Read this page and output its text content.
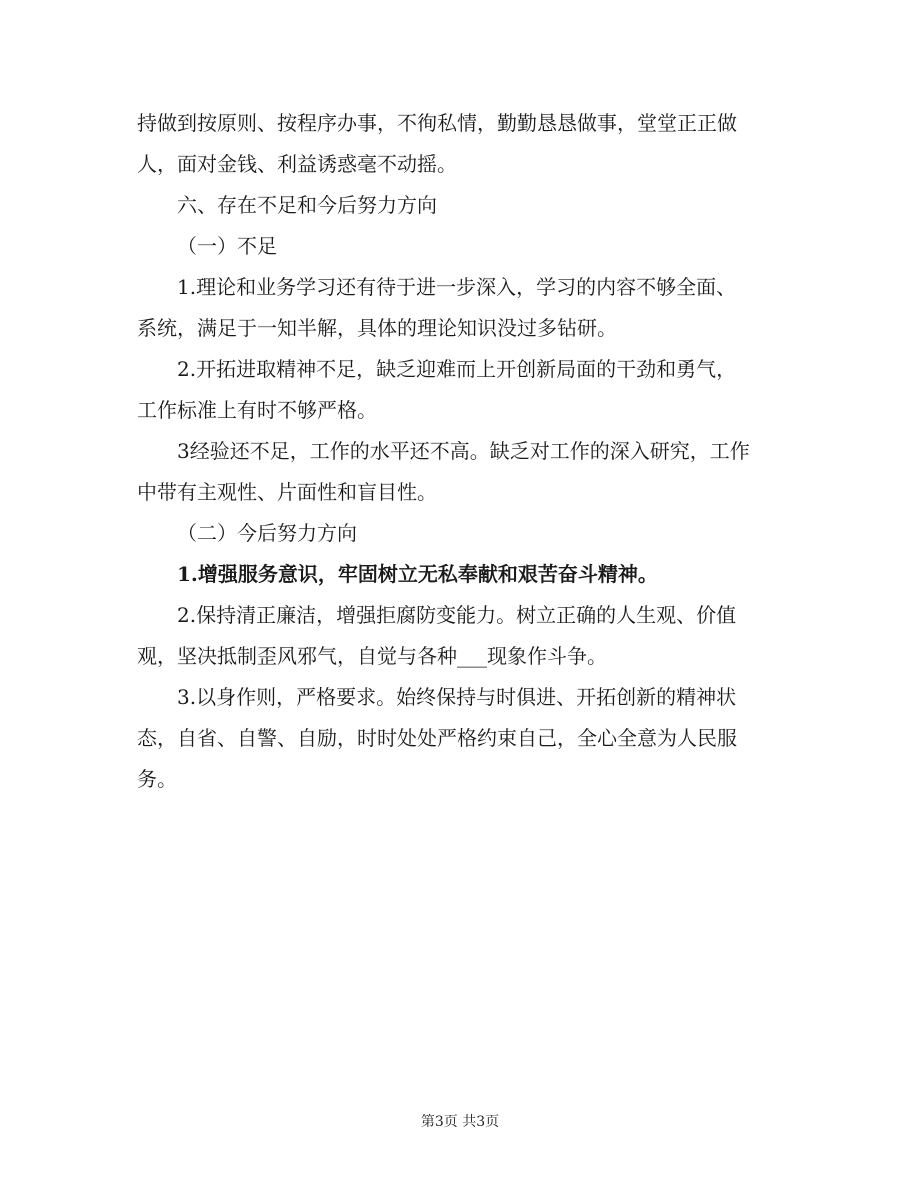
持做到按原则、按程序办事，不徇私情，勤勤恳恳做事，堂堂正正做
人，面对金钱、利益诱惑毫不动摇。
六、存在不足和今后努力方向
（一）不足
1.理论和业务学习还有待于进一步深入，学习的内容不够全面、
系统，满足于一知半解，具体的理论知识没过多钻研。
2.开拓进取精神不足，缺乏迎难而上开创新局面的干劲和勇气，
工作标准上有时不够严格。
3经验还不足，工作的水平还不高。缺乏对工作的深入研究，工作
中带有主观性、片面性和盲目性。
（二）今后努力方向
1.增强服务意识，牢固树立无私奉献和艰苦奋斗精神。
2.保持清正廉洁，增强拒腐防变能力。树立正确的人生观、价值
观，坚决抵制歪风邪气，自觉与各种___现象作斗争。
3.以身作则，严格要求。始终保持与时俱进、开拓创新的精神状
态，自省、自警、自励，时时处处严格约束自己，全心全意为人民服
务。
第3页 共3页
